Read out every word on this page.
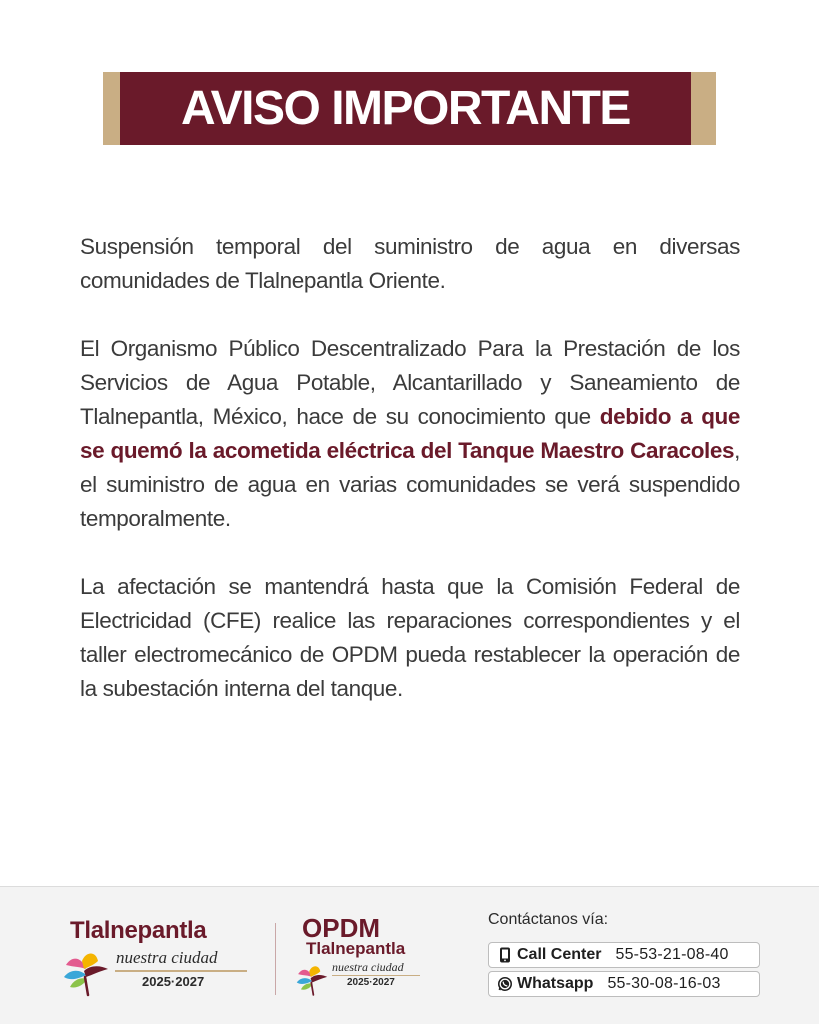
AVISO IMPORTANTE

Suspensión temporal del suministro de agua en diversas comunidades de Tlalnepantla Oriente.

El Organismo Público Descentralizado Para la Prestación de los Servicios de Agua Potable, Alcantarillado y Saneamiento de Tlalnepantla, México, hace de su conocimiento que debido a que se quemó la acometida eléctrica del Tanque Maestro Caracoles, el suministro de agua en varias comunidades se verá suspendido temporalmente.

La afectación se mantendrá hasta que la Comisión Federal de Electricidad (CFE) realice las reparaciones correspondientes y el taller electromecánico de OPDM pueda restablecer la operación de la subestación interna del tanque.

Tlalnepantla
nuestra ciudad
2025·2027
OPDM
Tlalnepantla
nuestra ciudad
2025·2027
Contáctanos vía:
Call Center 55-53-21-08-40
Whatsapp 55-30-08-16-03
